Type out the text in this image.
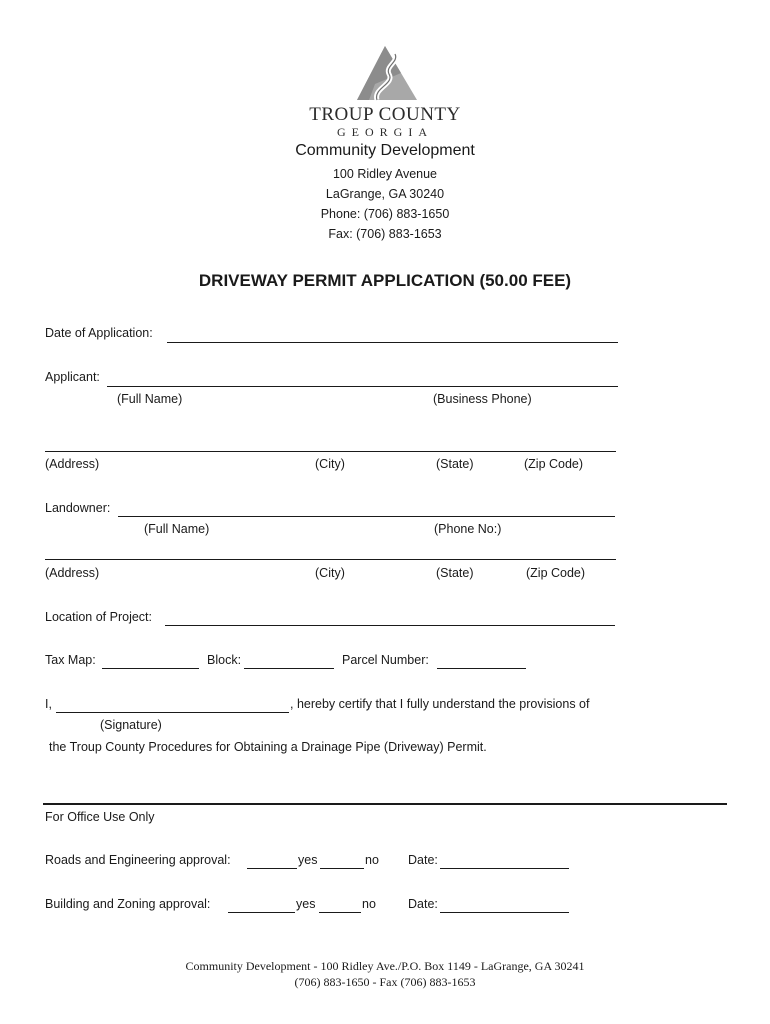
TROUP COUNTY
GEORGIA
Community Development
100 Ridley Avenue
LaGrange, GA 30240
Phone: (706) 883-1650
Fax: (706) 883-1653
DRIVEWAY PERMIT APPLICATION (50.00 FEE)
Date of Application:
Applicant:
(Full Name)	(Business Phone)
(Address)	(City)	(State)	(Zip Code)
Landowner:
(Full Name)	(Phone No:)
(Address)	(City)	(State)	(Zip Code)
Location of Project:
Tax Map:	Block:	Parcel Number:
I,	, hereby certify that I fully understand the provisions of
(Signature)
the Troup County Procedures for Obtaining a Drainage Pipe (Driveway) Permit.
For Office Use Only
Roads and Engineering approval:	yes	no Date:
Building and Zoning approval:	yes	no	Date:
Community Development - 100 Ridley Ave./P.O. Box 1149 - LaGrange, GA 30241
(706) 883-1650 - Fax (706) 883-1653
